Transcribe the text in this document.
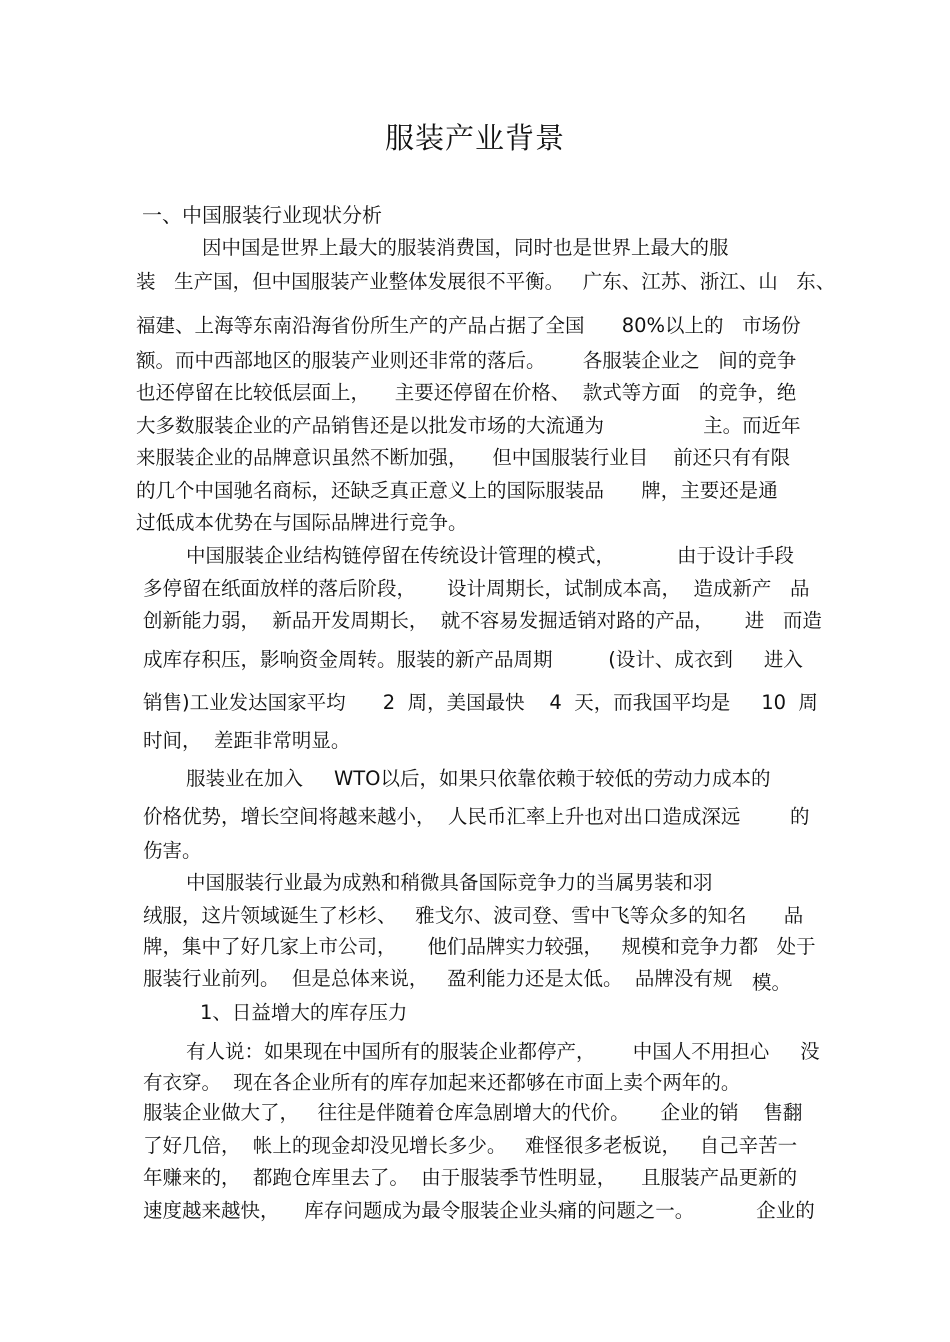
服装产业背景
一、中国服装行业现状分析
因中国是世界上最大的服装消费国，同时也是世界上最大的服
装   生产国，但中国服装产业整体发展很不平衡。   广东、江苏、浙江、山   东、
福建、上海等东南沿海省份所生产的产品占据了全国      80%以上的   市场份
额。而中西部地区的服装产业则还非常的落后。      各服装企业之   间的竞争
也还停留在比较低层面上，    主要还停留在价格、  款式等方面   的竞争，绝
大多数服装企业的产品销售还是以批发市场的大流通为                主。而近年
来服装企业的品牌意识虽然不断加强，    但中国服装行业目    前还只有有限
的几个中国驰名商标，还缺乏真正意义上的国际服装品      牌，主要还是通
过低成本优势在与国际品牌进行竞争。
中国服装企业结构链停留在传统设计管理的模式，          由于设计手段
多停留在纸面放样的落后阶段，     设计周期长，试制成本高，  造成新产   品
创新能力弱，  新品开发周期长，  就不容易发掘适销对路的产品，     进   而造
成库存积压，影响资金周转。服装的新产品周期         (设计、成衣到     进入
销售)工业发达国家平均      2  周，美国最快    4  天，而我国平均是     10  周
时间，  差距非常明显。
服装业在加入     WTO以后，如果只依靠依赖于较低的劳动力成本的
价格优势，增长空间将越来越小，  人民币汇率上升也对出口造成深远        的
伤害。
中国服装行业最为成熟和稍微具备国际竞争力的当属男装和羽
绒服，这片领域诞生了杉杉、   雅戈尔、波司登、雪中飞等众多的知名      品
牌，集中了好几家上市公司，     他们品牌实力较强，   规模和竞争力都   处于
服装行业前列。  但是总体来说，   盈利能力还是太低。  品牌没有规 模。
1、日益增大的库存压力
有人说：如果现在中国所有的服装企业都停产，      中国人不用担心     没
有衣穿。  现在各企业所有的库存加起来还都够在市面上卖个两年的。
服装企业做大了，   往往是伴随着仓库急剧增大的代价。     企业的销    售翻
了好几倍，  帐上的现金却没见增长多少。   难怪很多老板说，   自己辛苦一
年赚来的，  都跑仓库里去了。  由于服装季节性明显，    且服装产品更新的
速度越来越快，    库存问题成为最令服装企业头痛的问题之一。          企业的
